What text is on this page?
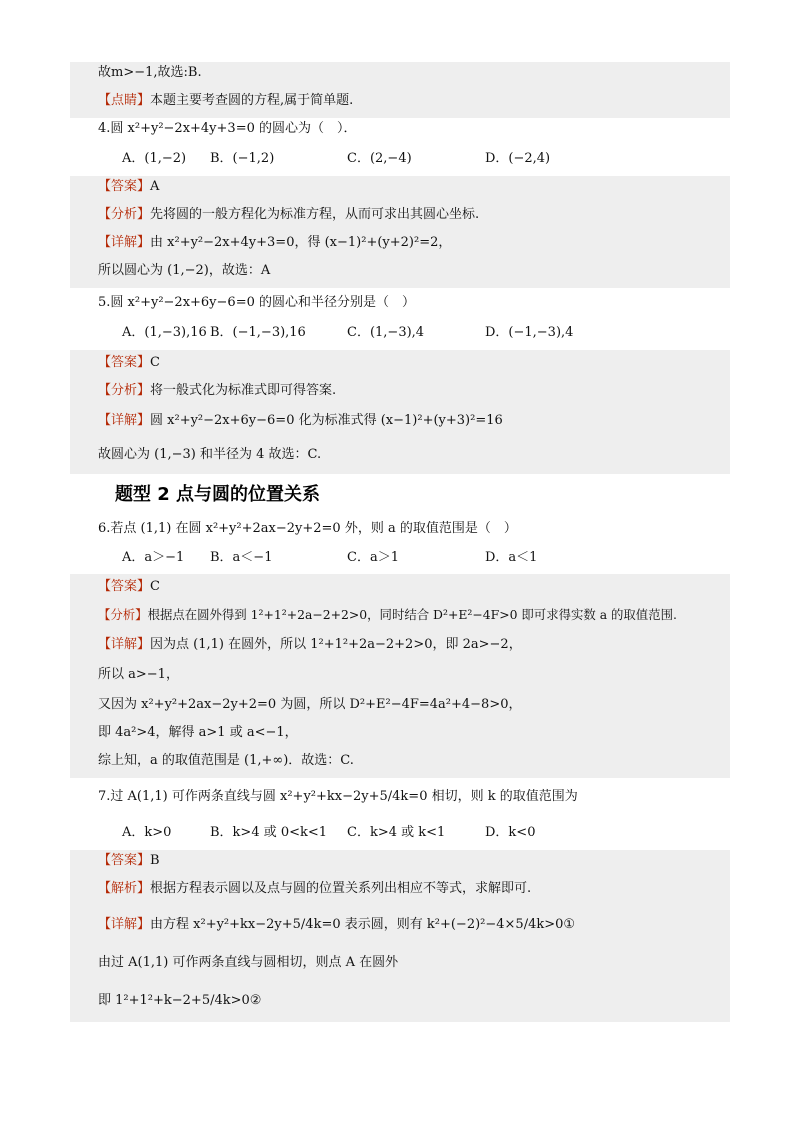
故m>−1,故选:B.
【点睛】本题主要考查圆的方程,属于简单题.
4.圆 x²+y²−2x+4y+3=0 的圆心为（　）．
A．(1,−2) B．(−1,2)	C．(2,−4)	D．(−2,4)
【答案】A
【分析】先将圆的一般方程化为标准方程，从而可求出其圆心坐标.
【详解】由 x²+y²−2x+4y+3=0，得 (x−1)²+(y+2)²=2，
所以圆心为 (1,−2)，故选：A
5.圆 x²+y²−2x+6y−6=0 的圆心和半径分别是（　）
A．(1,−3),16 B．(−1,−3),16	C．(1,−3),4	D．(−1,−3),4
【答案】C
【分析】将一般式化为标准式即可得答案.
【详解】圆 x²+y²−2x+6y−6=0 化为标准式得 (x−1)²+(y+3)²=16
故圆心为 (1,−3) 和半径为 4 故选：C.
题型 2 点与圆的位置关系
6.若点 (1,1) 在圆 x²+y²+2ax−2y+2=0 外，则 a 的取值范围是（　）
A．a＞−1 B．a＜−1	C．a＞1	D．a＜1
【答案】C
【分析】根据点在圆外得到 1²+1²+2a−2+2>0，同时结合 D²+E²−4F>0 即可求得实数 a 的取值范围.
【详解】因为点 (1,1) 在圆外，所以 1²+1²+2a−2+2>0，即 2a>−2，
所以 a>−1，
又因为 x²+y²+2ax−2y+2=0 为圆，所以 D²+E²−4F=4a²+4−8>0，
即 4a²>4，解得 a>1 或 a<−1，
综上知，a 的取值范围是 (1,+∞)．故选：C.
7.过 A(1,1) 可作两条直线与圆 x²+y²+kx−2y+5/4k=0 相切，则 k 的取值范围为
A．k>0	B．k>4 或 0<k<1 C．k>4 或 k<1	D．k<0
【答案】B
【解析】根据方程表示圆以及点与圆的位置关系列出相应不等式，求解即可.
【详解】由方程 x²+y²+kx−2y+5/4k=0 表示圆，则有 k²+(−2)²−4×5/4k>0①
由过 A(1,1) 可作两条直线与圆相切，则点 A 在圆外
即 1²+1²+k−2+5/4k>0②
